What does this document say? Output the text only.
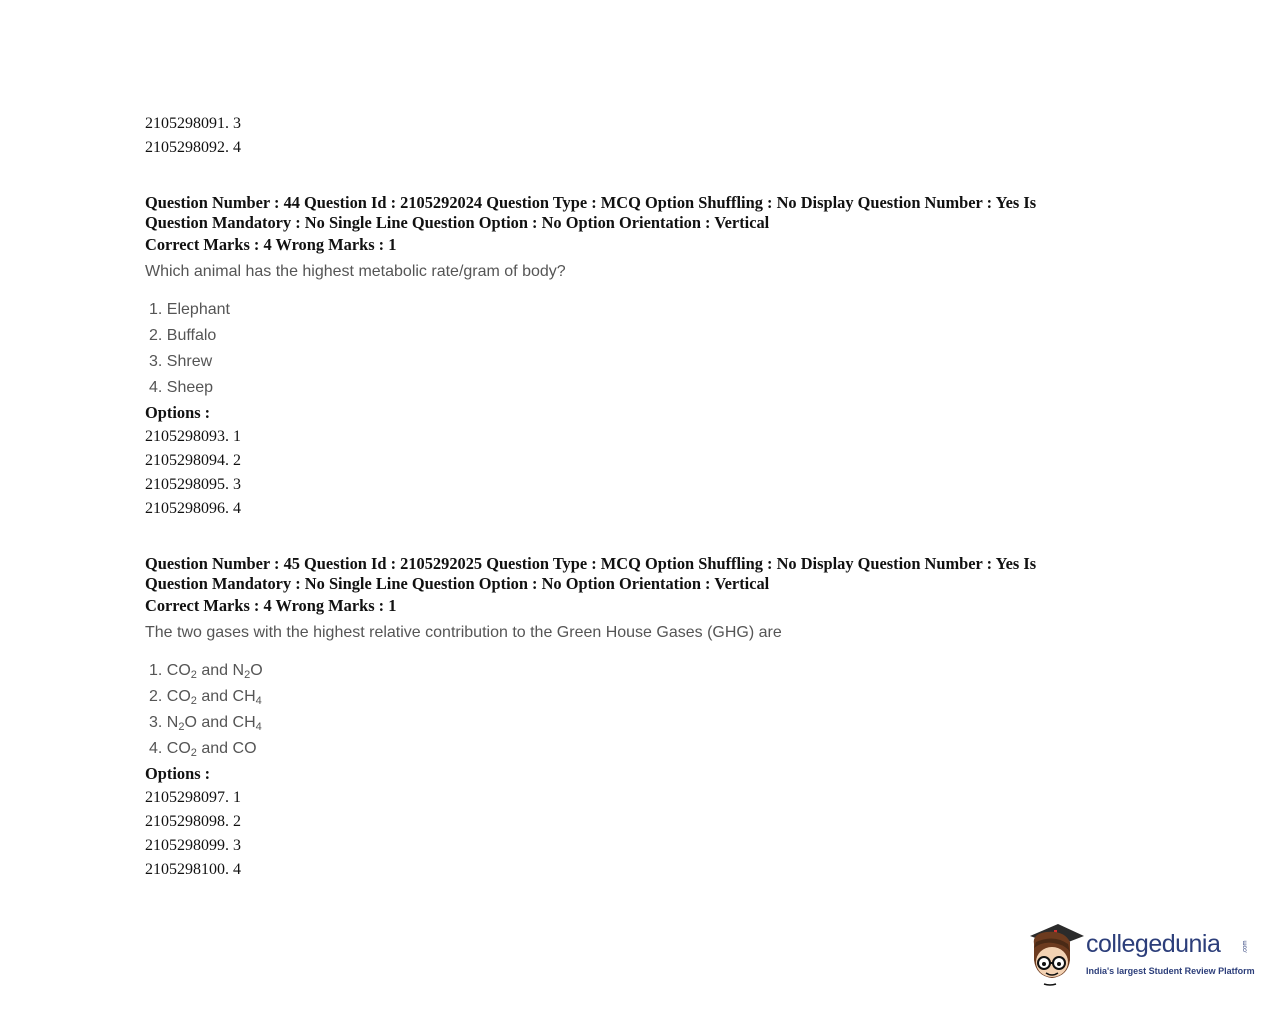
2105298091. 3
2105298092. 4
Question Number : 44 Question Id : 2105292024 Question Type : MCQ Option Shuffling : No Display Question Number : Yes Is
Question Mandatory : No Single Line Question Option : No Option Orientation : Vertical
Correct Marks : 4 Wrong Marks : 1
Which animal has the highest metabolic rate/gram of body?
1. Elephant
2. Buffalo
3. Shrew
4. Sheep
Options :
2105298093. 1
2105298094. 2
2105298095. 3
2105298096. 4
Question Number : 45 Question Id : 2105292025 Question Type : MCQ Option Shuffling : No Display Question Number : Yes Is
Question Mandatory : No Single Line Question Option : No Option Orientation : Vertical
Correct Marks : 4 Wrong Marks : 1
The two gases with the highest relative contribution to the Green House Gases (GHG) are
1. $CO_2$ and $N_2O$
2. $CO_2$ and $CH_4$
3. $N_2O$ and $CH_4$
4. $CO_2$ and CO
Options :
2105298097. 1
2105298098. 2
2105298099. 3
2105298100. 4
collegedunia	.com
India's largest Student Review Platform
